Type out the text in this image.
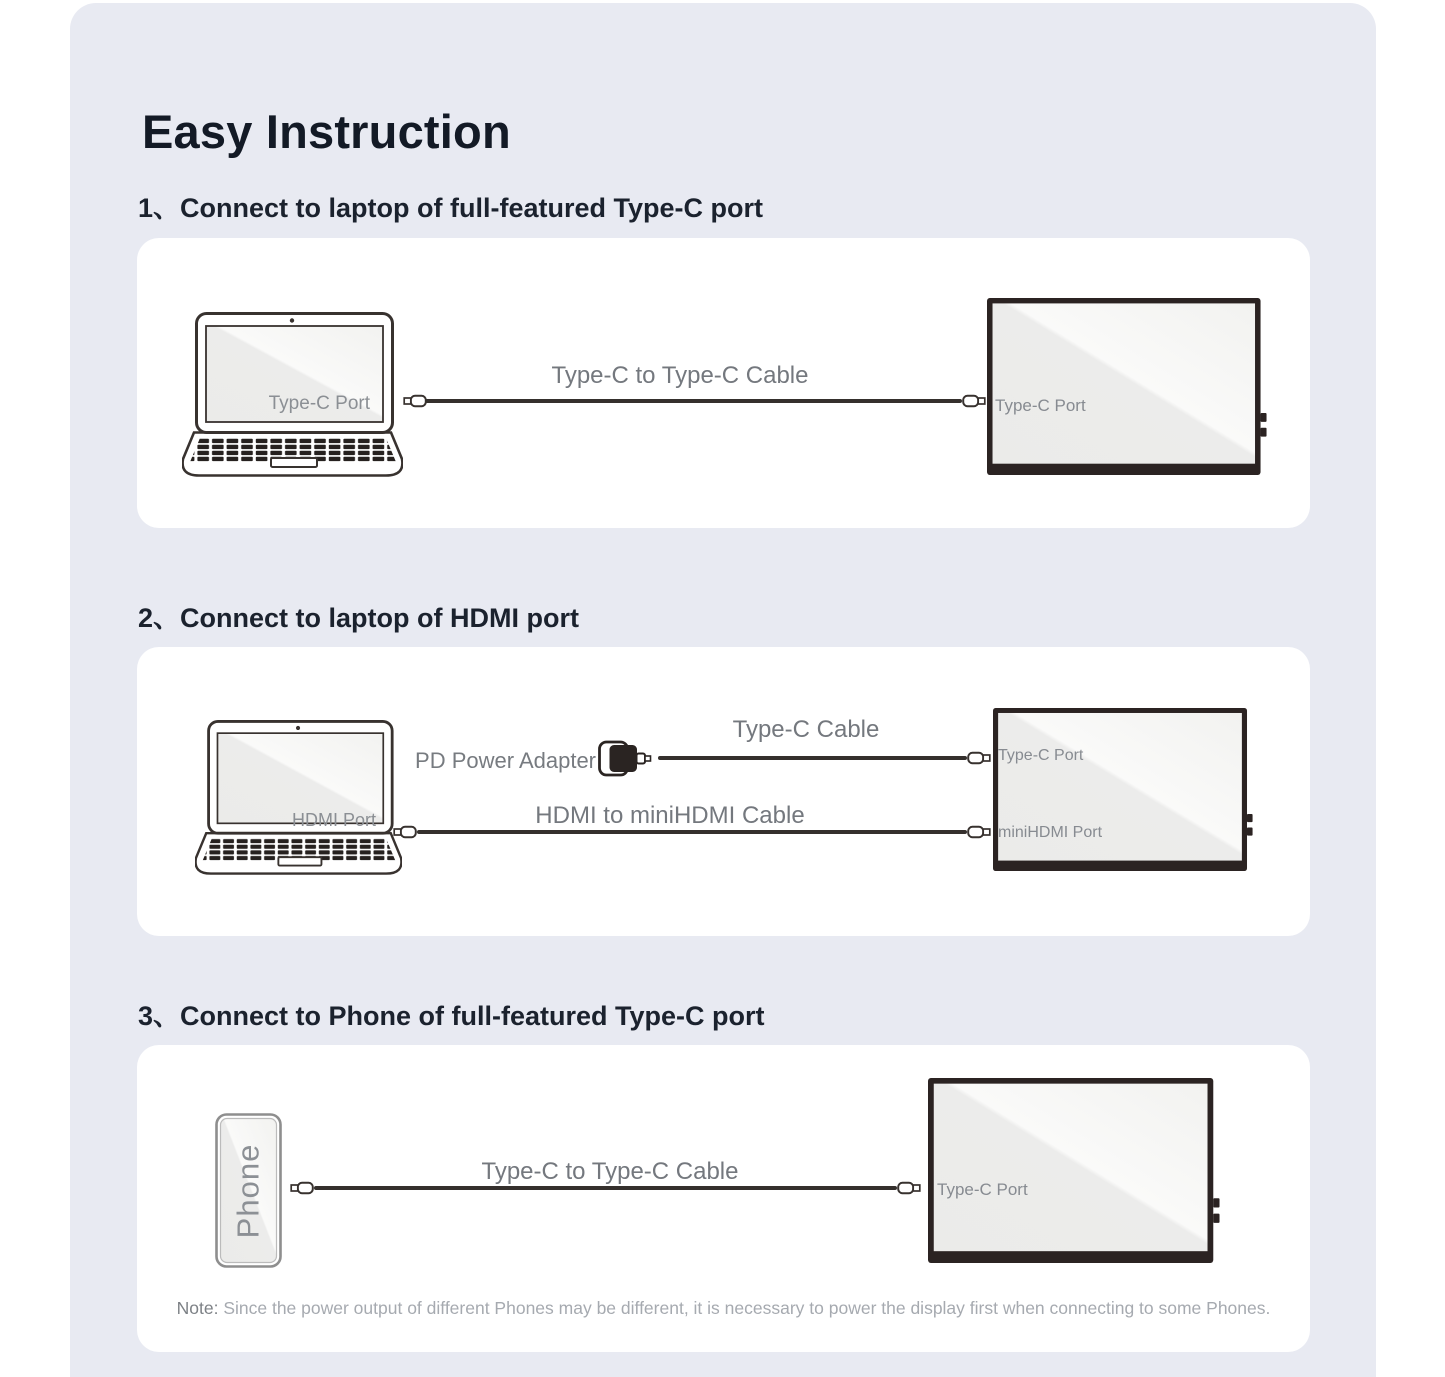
Easy Instruction
1、Connect to laptop of full-featured Type-C port
Type-C Port
Type-C to Type-C Cable
Type-C Port
2、Connect to laptop of HDMI port
HDMI Port
PD Power Adapter
Type-C Cable
HDMI to miniHDMI Cable
Type-C Port
miniHDMI Port
3、Connect to Phone of full-featured Type-C port
Phone	Type-C to Type-C Cable
Type-C Port
Note: Since the power output of different Phones may be different, it is necessary to power the display first when connecting to some Phones.
